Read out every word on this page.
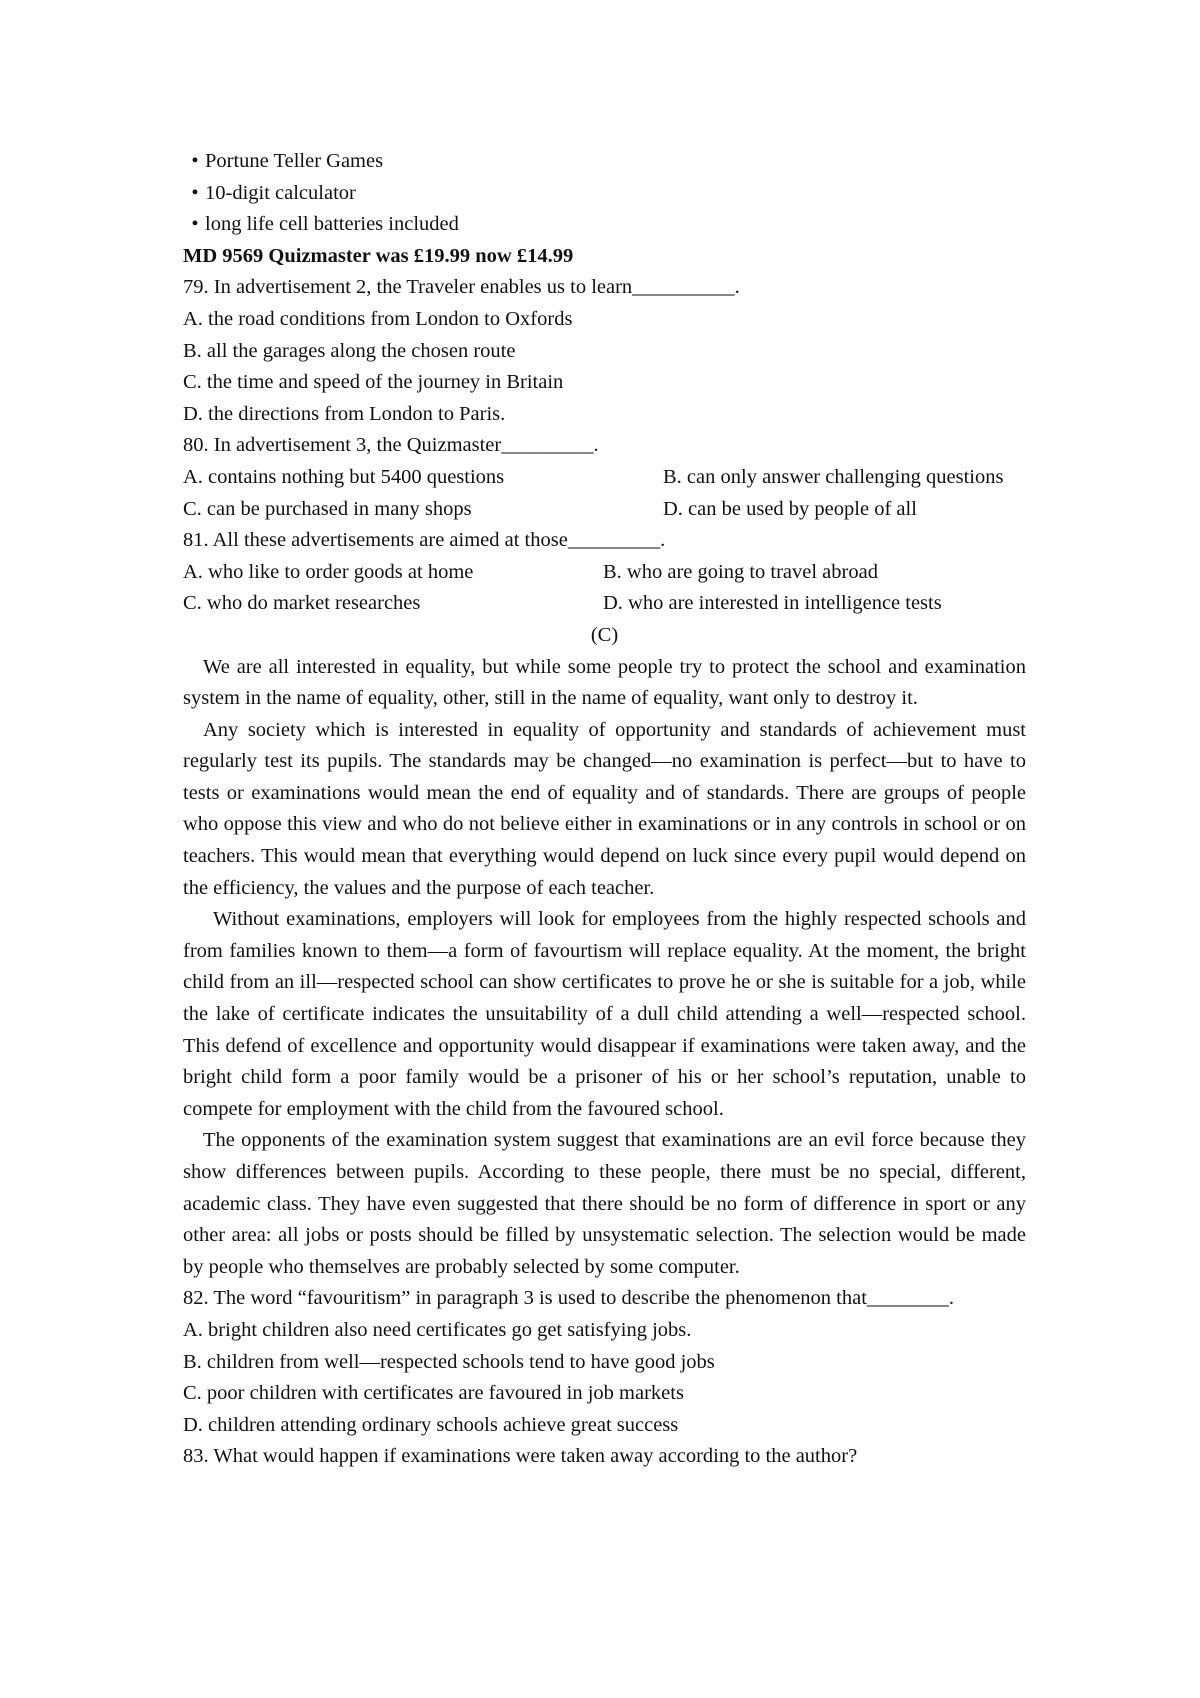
• Portune Teller Games
• 10-digit calculator
• long life cell batteries included
MD 9569 Quizmaster was £19.99 now £14.99
79. In advertisement 2, the Traveler enables us to learn__________.
A. the road conditions from London to Oxfords
B. all the garages along the chosen route
C. the time and speed of the journey in Britain
D. the directions from London to Paris.
80. In advertisement 3, the Quizmaster_________.
A. contains nothing but 5400 questions	B. can only answer challenging questions
C. can be purchased in many shops	D. can be used by people of all
81. All these advertisements are aimed at those_________.
A. who like to order goods at home	B. who are going to travel abroad
C. who do market researches	D. who are interested in intelligence tests
(C)
We are all interested in equality, but while some people try to protect the school and examination system in the name of equality, other, still in the name of equality, want only to destroy it.
Any society which is interested in equality of opportunity and standards of achievement must regularly test its pupils. The standards may be changed—no examination is perfect—but to have to tests or examinations would mean the end of equality and of standards. There are groups of people who oppose this view and who do not believe either in examinations or in any controls in school or on teachers. This would mean that everything would depend on luck since every pupil would depend on the efficiency, the values and the purpose of each teacher.
Without examinations, employers will look for employees from the highly respected schools and from families known to them—a form of favourtism will replace equality. At the moment, the bright child from an ill—respected school can show certificates to prove he or she is suitable for a job, while the lake of certificate indicates the unsuitability of a dull child attending a well—respected school. This defend of excellence and opportunity would disappear if examinations were taken away, and the bright child form a poor family would be a prisoner of his or her school’s reputation, unable to compete for employment with the child from the favoured school.
The opponents of the examination system suggest that examinations are an evil force because they show differences between pupils. According to these people, there must be no special, different, academic class. They have even suggested that there should be no form of difference in sport or any other area: all jobs or posts should be filled by unsystematic selection. The selection would be made by people who themselves are probably selected by some computer.
82. The word “favouritism” in paragraph 3 is used to describe the phenomenon that________.
A. bright children also need certificates go get satisfying jobs.
B. children from well—respected schools tend to have good jobs
C. poor children with certificates are favoured in job markets
D. children attending ordinary schools achieve great success
83. What would happen if examinations were taken away according to the author?
